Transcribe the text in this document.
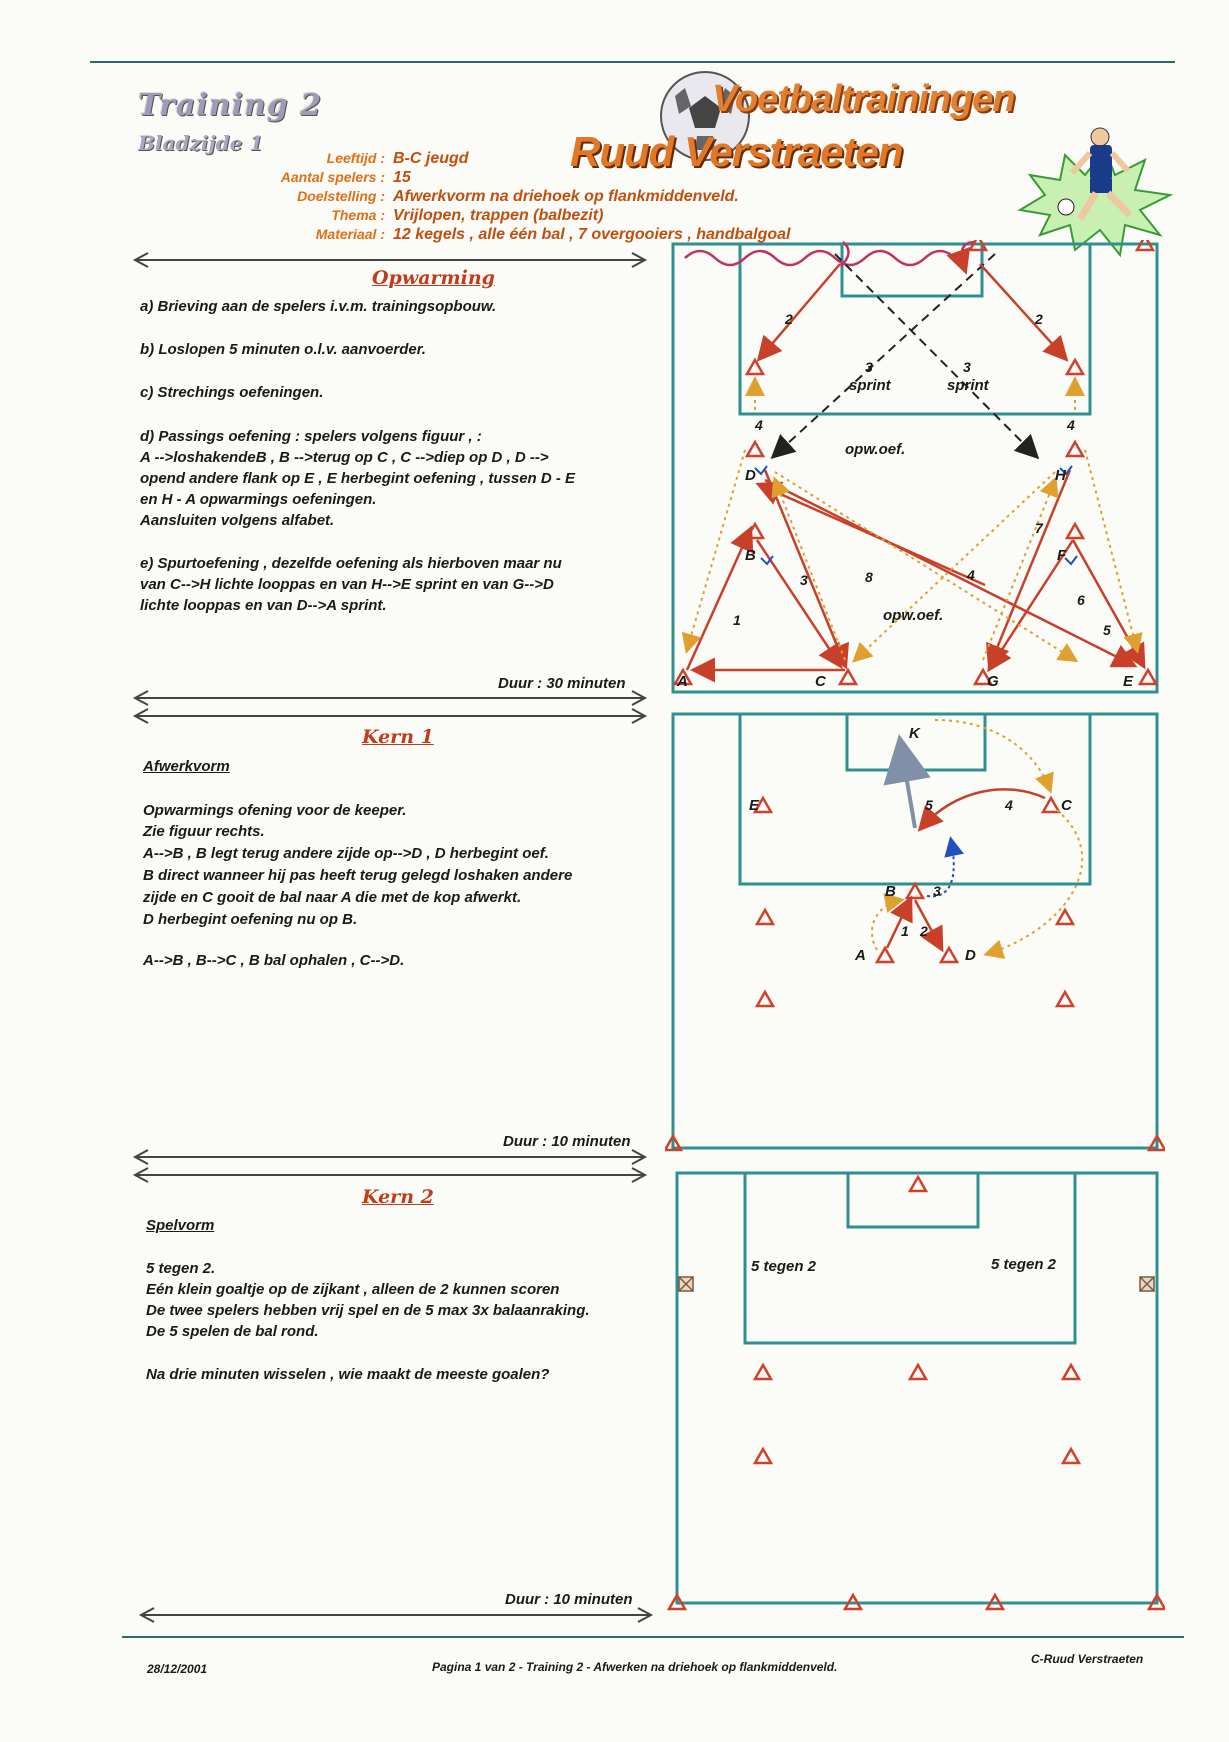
Training 2
Bladzijde 1
Voetbaltrainingen
Ruud Verstraeten
Leeftijd : B-C jeugd
Aantal spelers : 15
Doelstelling : Afwerkvorm na driehoek op flankmiddenveld.
Thema : Vrijlopen, trappen (balbezit)
Materiaal : 12 kegels , alle één bal , 7 overgooiers , handbalgoal
Opwarming
a) Brieving aan de spelers i.v.m. trainingsopbouw.
b) Loslopen 5 minuten o.l.v. aanvoerder.
c) Strechings oefeningen.
d) Passings oefening : spelers volgens figuur , :
A -->loshakendeB , B -->terug op C , C -->diep op D , D -->
opend andere flank op E , E herbegint oefening , tussen D - E
en H - A opwarmings oefeningen.
Aansluiten volgens alfabet.
e) Spurtoefening , dezelfde oefening als hierboven maar nu
van C-->H lichte looppas en van H-->E sprint en van G-->D
lichte looppas en van D-->A sprint.
Duur : 30 minuten
Kern 1
Afwerkvorm
Opwarmings ofening voor de keeper.
Zie figuur rechts.
A-->B , B legt terug andere zijde op-->D , D herbegint oef.
B direct wanneer hij pas heeft terug gelegd loshaken andere
zijde en C gooit de bal naar A die met de kop afwerkt.
D herbegint oefening nu op B.
A-->B , B-->C , B bal ophalen , C-->D.
Duur : 10 minuten
Kern 2
Spelvorm
5 tegen 2.
Eén klein goaltje op de zijkant , alleen de 2 kunnen scoren
De twee spelers hebben vrij spel en de 5 max 3x balaanraking.
De 5 spelen de bal rond.
Na drie minuten wisselen , wie maakt de meeste goalen?
Duur : 10 minuten
A
B
C
D
E
F
G
H
opw.oef.
opw.oef.
sprint	sprint
1
2	2
3
3	3
4	4
4
5
6
7
8
K
E	C
B
A	D
1 2
3
4
5
5 tegen 2	5 tegen 2
28/12/2001	Pagina 1 van 2 - Training 2 - Afwerken na driehoek op flankmiddenveld.
C-Ruud Verstraeten
